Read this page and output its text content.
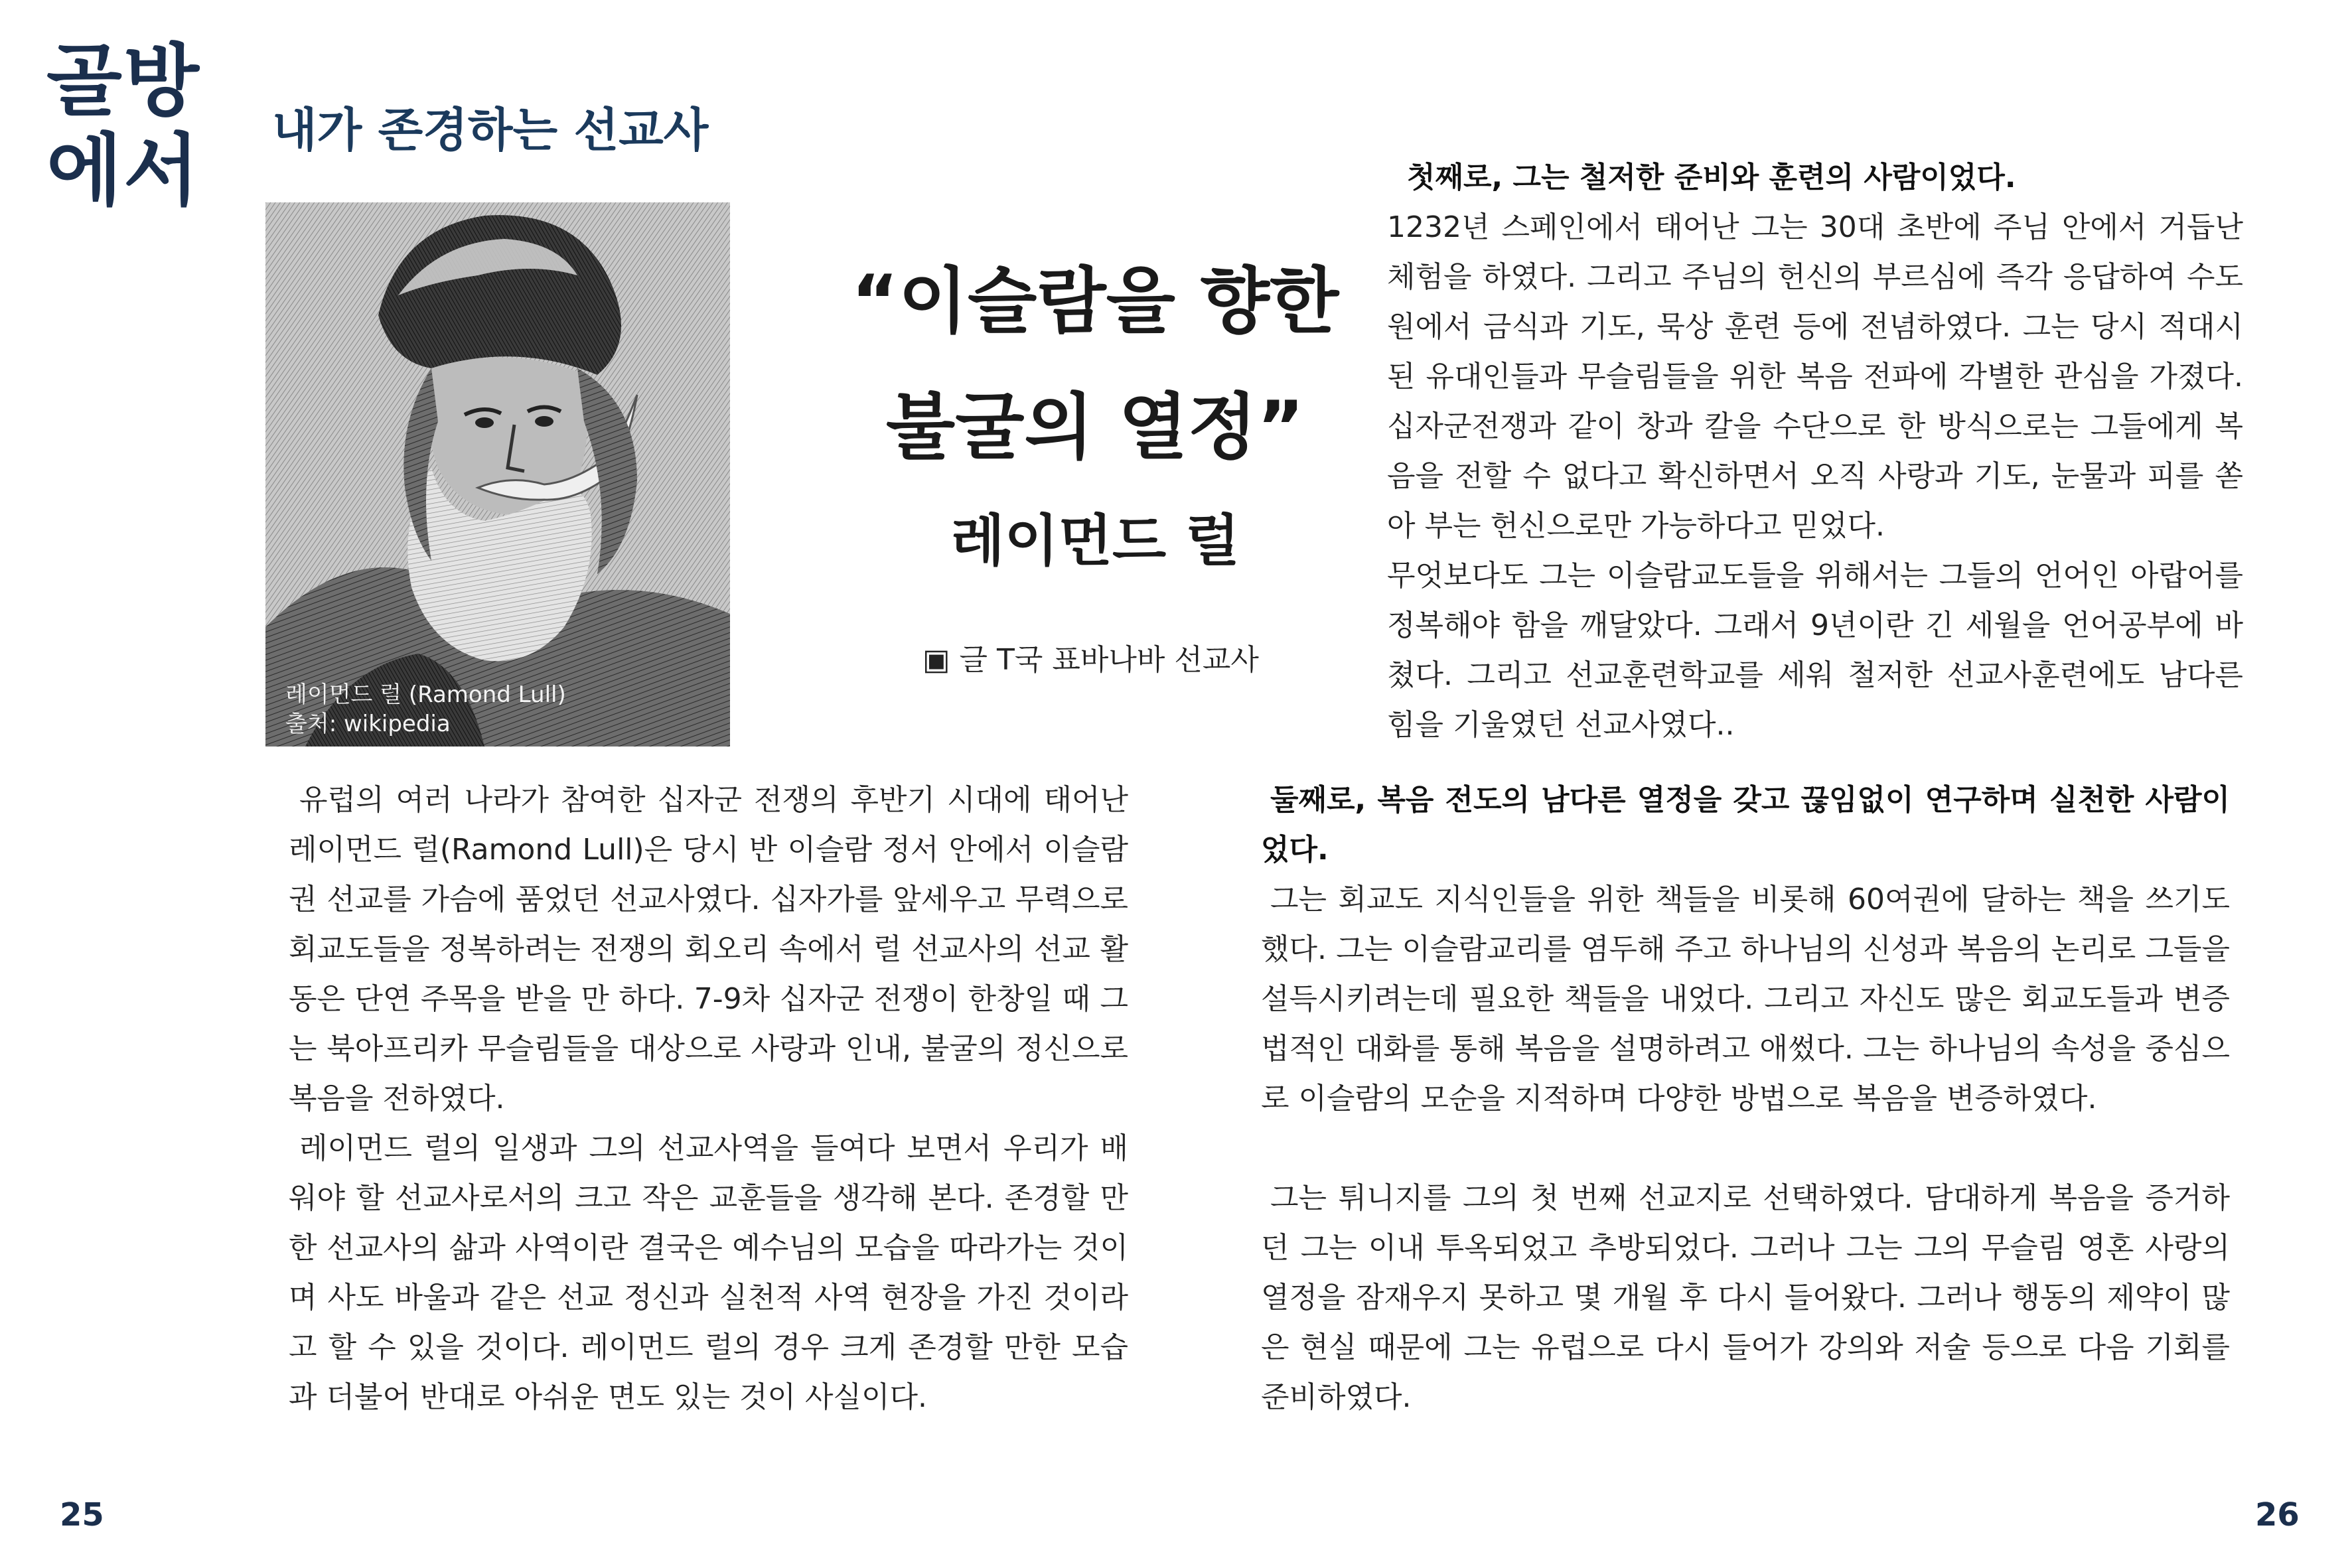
골방
에서	내가 존경하는 선교사
레이먼드 럴 (Ramond Lull)
출처: wikipedia
“이슬람을 향한
불굴의 열정”
레이먼드 럴
▣ 글 T국 표바나바 선교사

첫째로, 그는 철저한 준비와 훈련의 사람이었다.

1232년 스페인에서 태어난 그는 30대 초반에 주님 안에서 거듭난 체험을 하였다. 그리고 주님의 헌신의 부르심에 즉각 응답하여 수도원에서 금식과 기도, 묵상 훈련 등에 전념하였다. 그는 당시 적대시 된 유대인들과 무슬림들을 위한 복음 전파에 각별한 관심을 가졌다. 십자군전쟁과 같이 창과 칼을 수단으로 한 방식으로는 그들에게 복음을 전할 수 없다고 확신하면서 오직 사랑과 기도, 눈물과 피를 쏟아 부는 헌신으로만 가능하다고 믿었다.

무엇보다도 그는 이슬람교도들을 위해서는 그들의 언어인 아랍어를 정복해야 함을 깨달았다. 그래서 9년이란 긴 세월을 언어공부에 바쳤다. 그리고 선교훈련학교를 세워 철저한 선교사훈련에도 남다른 힘을 기울였던 선교사였다..

유럽의 여러 나라가 참여한 십자군 전쟁의 후반기 시대에 태어난 레이먼드 럴(Ramond Lull)은 당시 반 이슬람 정서 안에서 이슬람권 선교를 가슴에 품었던 선교사였다. 십자가를 앞세우고 무력으로 회교도들을 정복하려는 전쟁의 회오리 속에서 럴 선교사의 선교 활동은 단연 주목을 받을 만 하다. 7-9차 십자군 전쟁이 한창일 때 그는 북아프리카 무슬림들을 대상으로 사랑과 인내, 불굴의 정신으로 복음을 전하였다.

레이먼드 럴의 일생과 그의 선교사역을 들여다 보면서 우리가 배워야 할 선교사로서의 크고 작은 교훈들을 생각해 본다. 존경할 만한 선교사의 삶과 사역이란 결국은 예수님의 모습을 따라가는 것이며 사도 바울과 같은 선교 정신과 실천적 사역 현장을 가진 것이라고 할 수 있을 것이다. 레이먼드 럴의 경우 크게 존경할 만한 모습과 더불어 반대로 아쉬운 면도 있는 것이 사실이다.

둘째로, 복음 전도의 남다른 열정을 갖고 끊임없이 연구하며 실천한 사람이었다.

그는 회교도 지식인들을 위한 책들을 비롯해 60여권에 달하는 책을 쓰기도 했다. 그는 이슬람교리를 염두해 주고 하나님의 신성과 복음의 논리로 그들을 설득시키려는데 필요한 책들을 내었다. 그리고 자신도 많은 회교도들과 변증법적인 대화를 통해 복음을 설명하려고 애썼다. 그는 하나님의 속성을 중심으로 이슬람의 모순을 지적하며 다양한 방법으로 복음을 변증하였다.

그는 튀니지를 그의 첫 번째 선교지로 선택하였다. 담대하게 복음을 증거하던 그는 이내 투옥되었고 추방되었다. 그러나 그는 그의 무슬림 영혼 사랑의 열정을 잠재우지 못하고 몇 개월 후 다시 들어왔다. 그러나 행동의 제약이 많은 현실 때문에 그는 유럽으로 다시 들어가 강의와 저술 등으로 다음 기회를 준비하였다.

25	26
